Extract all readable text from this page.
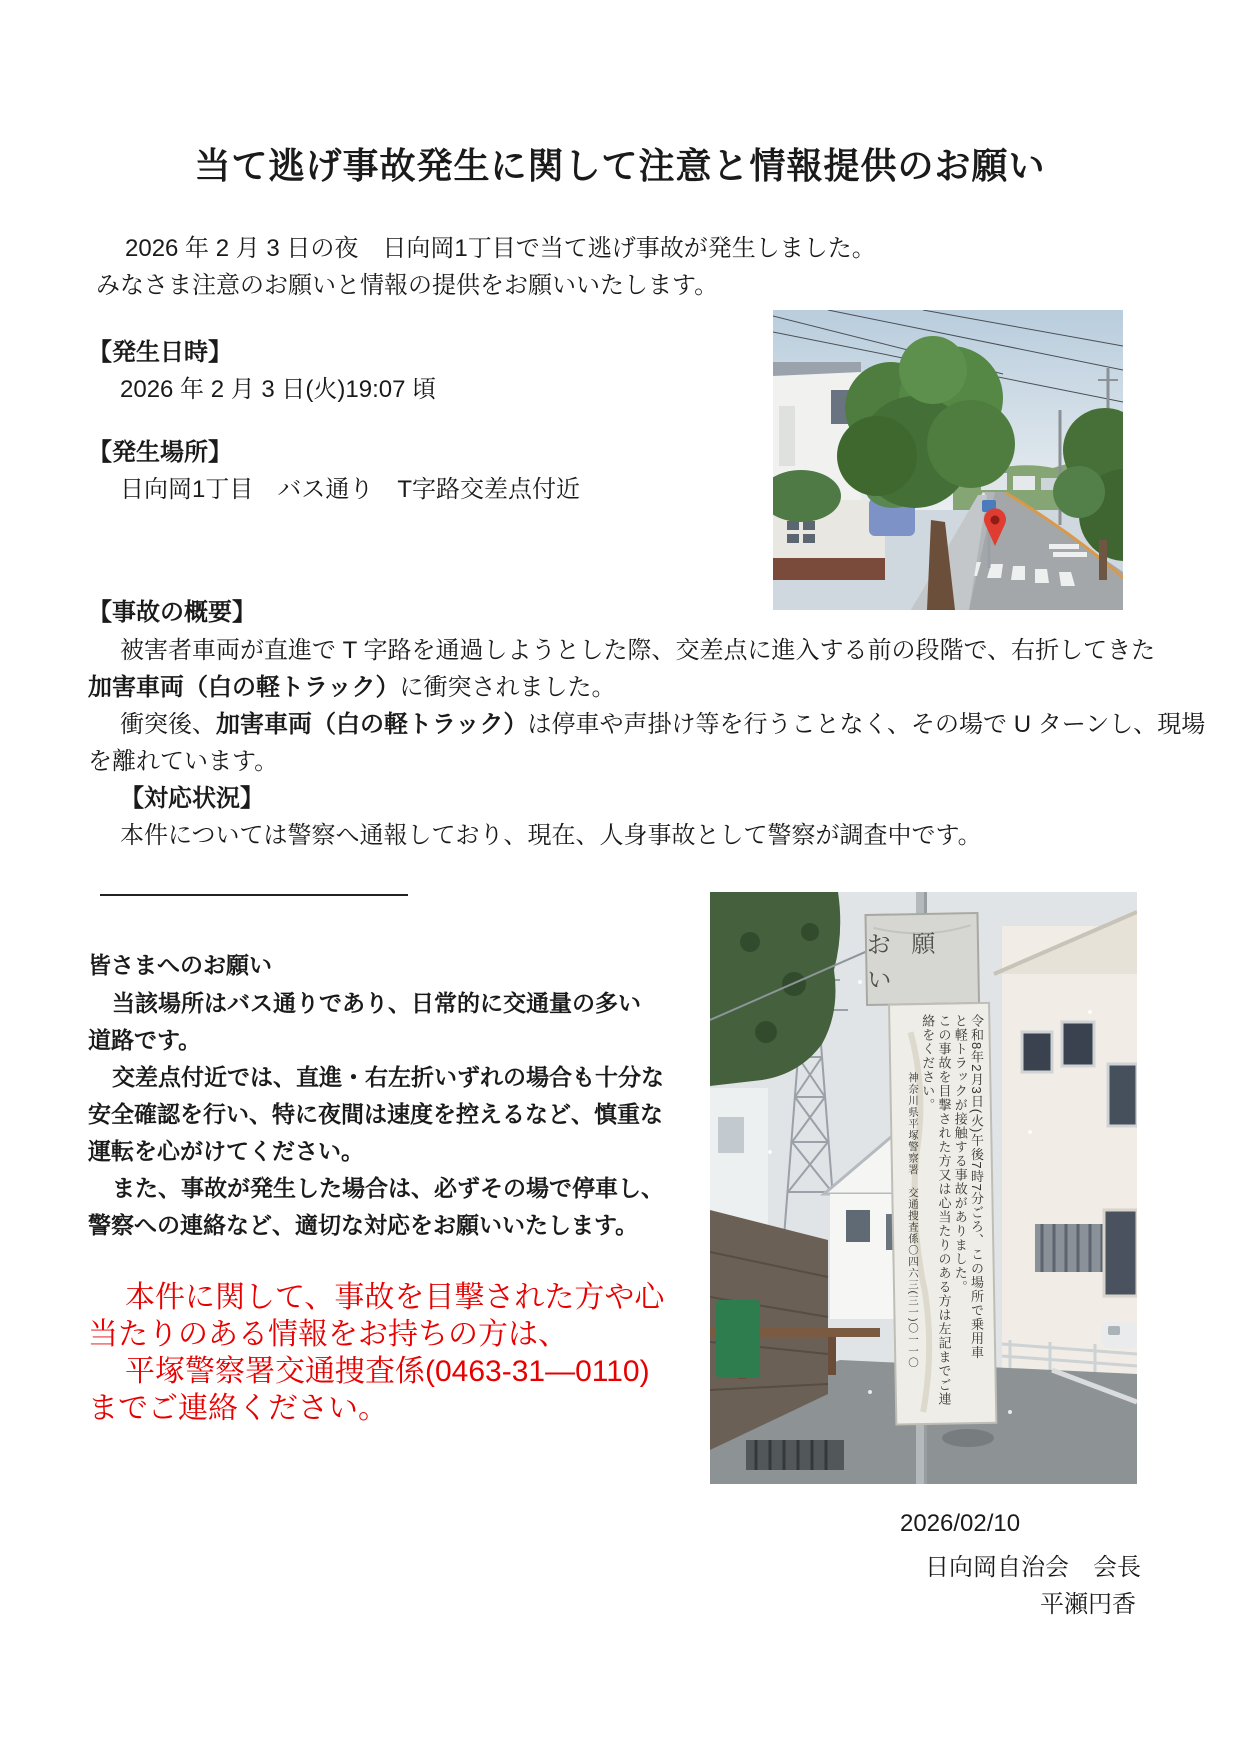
当て逃げ事故発生に関して注意と情報提供のお願い
2026 年 2 月 3 日の夜　日向岡1丁目で当て逃げ事故が発生しました。
みなさま注意のお願いと情報の提供をお願いいたします。
【発生日時】
2026 年 2 月 3 日(火)19:07 頃
【発生場所】
日向岡1丁目　バス通り　T字路交差点付近
【事故の概要】
被害者車両が直進で T 字路を通過しようとした際、交差点に進入する前の段階で、右折してきた
加害車両（白の軽トラック）に衝突されました。
衝突後、加害車両（白の軽トラック）は停車や声掛け等を行うことなく、その場で U ターンし、現場
を離れています。
【対応状況】
本件については警察へ通報しており、現在、人身事故として警察が調査中です。
皆さまへのお願い
当該場所はバス通りであり、日常的に交通量の多い
道路です。
交差点付近では、直進・右左折いずれの場合も十分な
安全確認を行い、特に夜間は速度を控えるなど、慎重な
運転を心がけてください。
また、事故が発生した場合は、必ずその場で停車し、
警察への連絡など、適切な対応をお願いいたします。
本件に関して、事故を目撃された方や心
当たりのある情報をお持ちの方は、
平塚警察署交通捜査係(0463-31—0110)
までご連絡ください。
2026/02/10
日向岡自治会　会長
平瀬円香
お 願 い
令和8年2月3日(火)午後7時7分ごろ、この場所で乗用車
と軽トラックが接触する事故がありました。
この事故を目撃された方又は心当たりのある方は左記までご連
絡をください。
神奈川県平塚警察署　交通捜査係〇四六三(三一)〇一一〇
